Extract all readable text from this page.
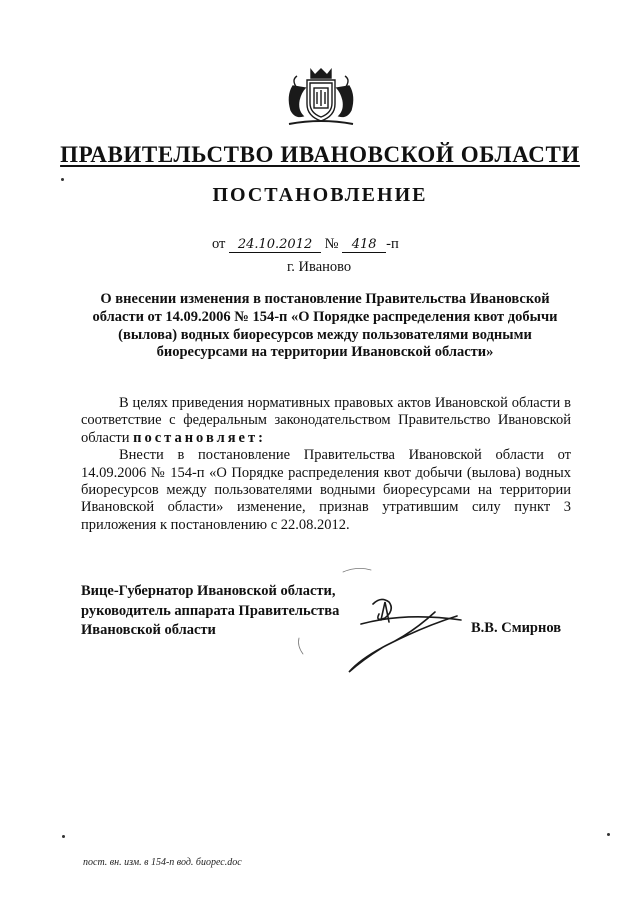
ПРАВИТЕЛЬСТВО ИВАНОВСКОЙ ОБЛАСТИ
ПОСТАНОВЛЕНИЕ
от 24.10.2012 № 418 -п
г. Иваново
О внесении изменения в постановление Правительства Ивановской области от 14.09.2006 № 154-п «О Порядке распределения квот добычи (вылова) водных биоресурсов между пользователями водными биоресурсами на территории Ивановской области»

В целях приведения нормативных правовых актов Ивановской области в соответствие с федеральным законодательством Правительство Ивановской области постановляет:

Внести в постановление Правительства Ивановской области от 14.09.2006 № 154-п «О Порядке распределения квот добычи (вылова) водных биоресурсов между пользователями водными биоресурсами на территории Ивановской области» изменение, признав утратившим силу пункт 3 приложения к постановлению с 22.08.2012.

Вице-Губернатор Ивановской области,
руководитель аппарата Правительства
Ивановской области	В.В. Смирнов
пост. вн. изм. в 154-п вод. биорес.doc
